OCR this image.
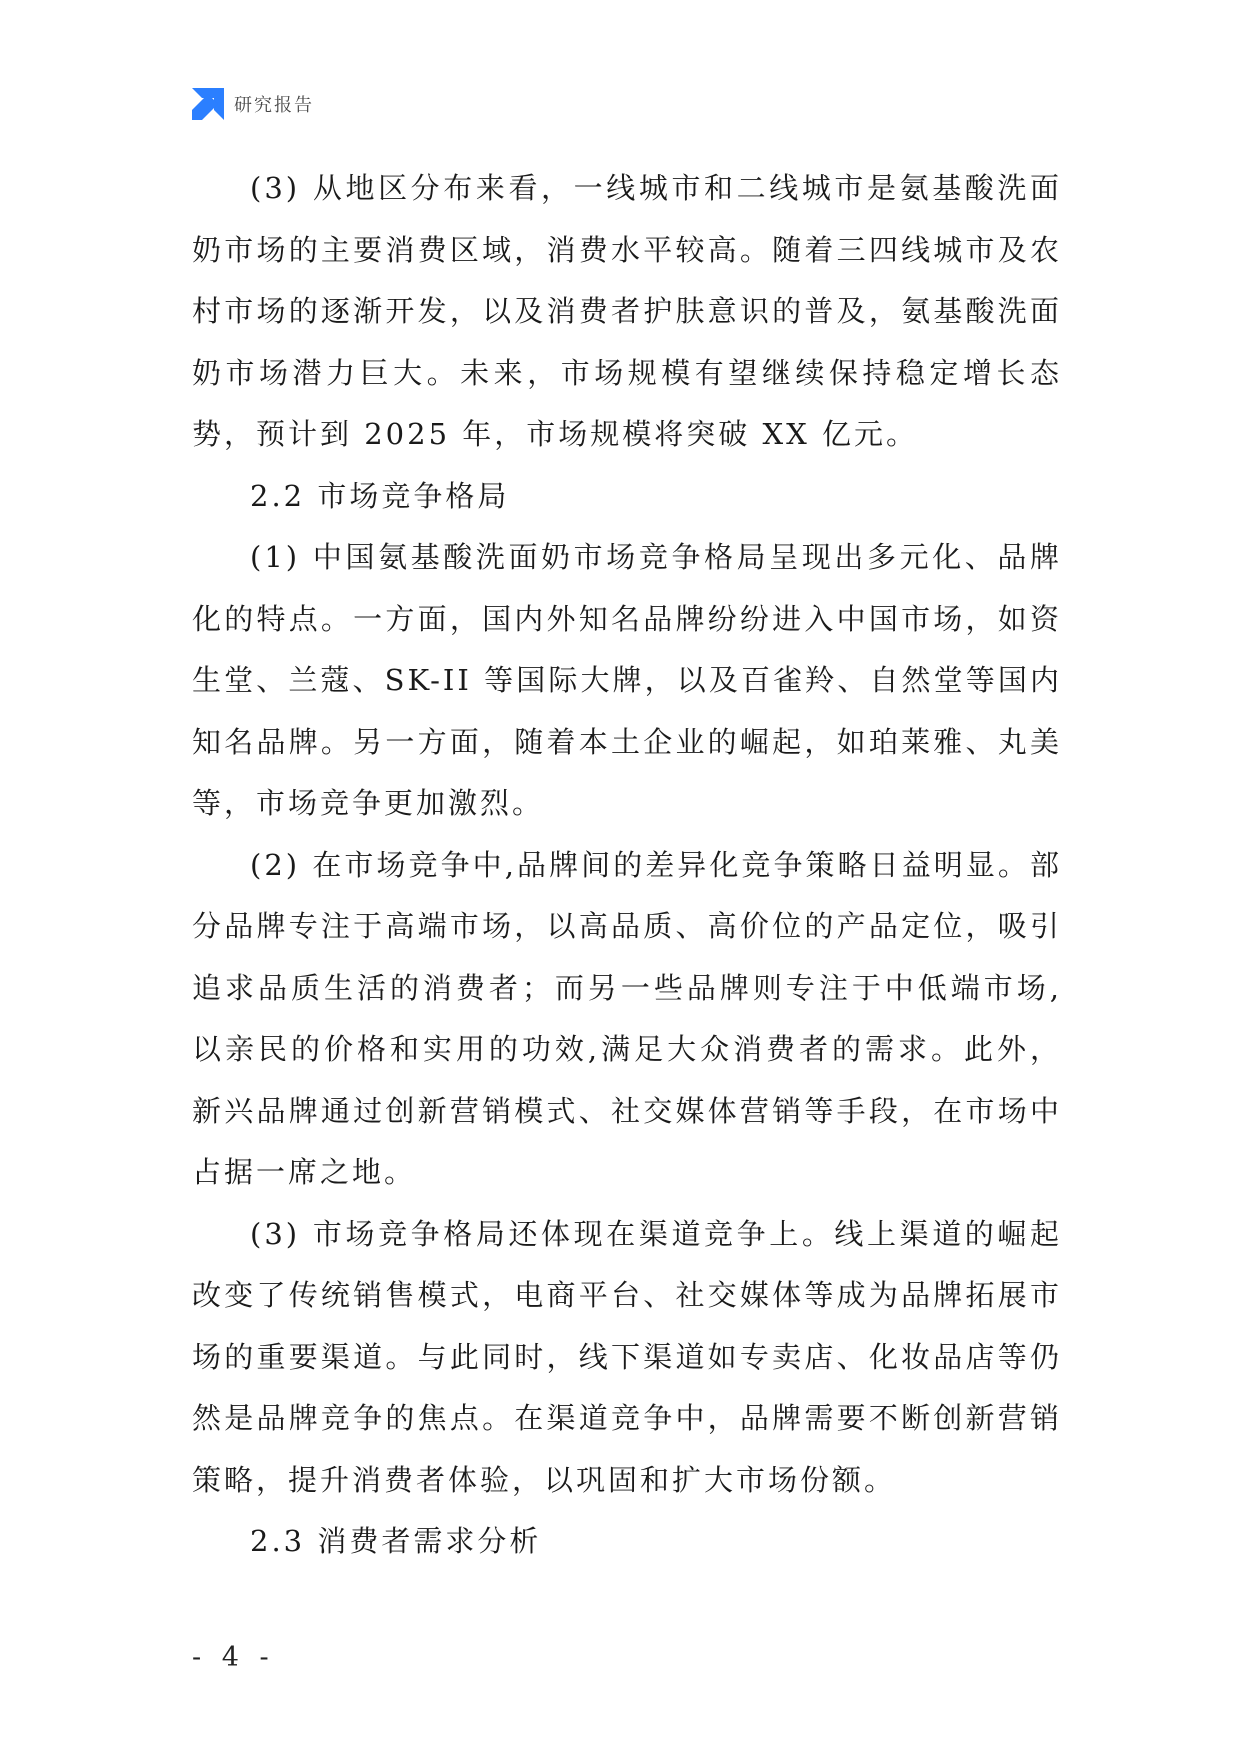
研究报告

(3) 从地区分布来看，一线城市和二线城市是氨基酸洗面奶市场的主要消费区域，消费水平较高。随着三四线城市及农村市场的逐渐开发，以及消费者护肤意识的普及，氨基酸洗面奶市场潜力巨大。未来，市场规模有望继续保持稳定增长态势，预计到 2025 年，市场规模将突破 XX 亿元。

2.2 市场竞争格局

(1) 中国氨基酸洗面奶市场竞争格局呈现出多元化、品牌化的特点。一方面，国内外知名品牌纷纷进入中国市场，如资生堂、兰蔻、SK-II 等国际大牌，以及百雀羚、自然堂等国内知名品牌。另一方面，随着本土企业的崛起，如珀莱雅、丸美等，市场竞争更加激烈。

(2) 在市场竞争中,品牌间的差异化竞争策略日益明显。部分品牌专注于高端市场，以高品质、高价位的产品定位，吸引追求品质生活的消费者；而另一些品牌则专注于中低端市场,以亲民的价格和实用的功效,满足大众消费者的需求。此外，新兴品牌通过创新营销模式、社交媒体营销等手段，在市场中占据一席之地。

(3) 市场竞争格局还体现在渠道竞争上。线上渠道的崛起改变了传统销售模式，电商平台、社交媒体等成为品牌拓展市场的重要渠道。与此同时，线下渠道如专卖店、化妆品店等仍然是品牌竞争的焦点。在渠道竞争中，品牌需要不断创新营销策略，提升消费者体验，以巩固和扩大市场份额。

2.3 消费者需求分析

- 4 -
